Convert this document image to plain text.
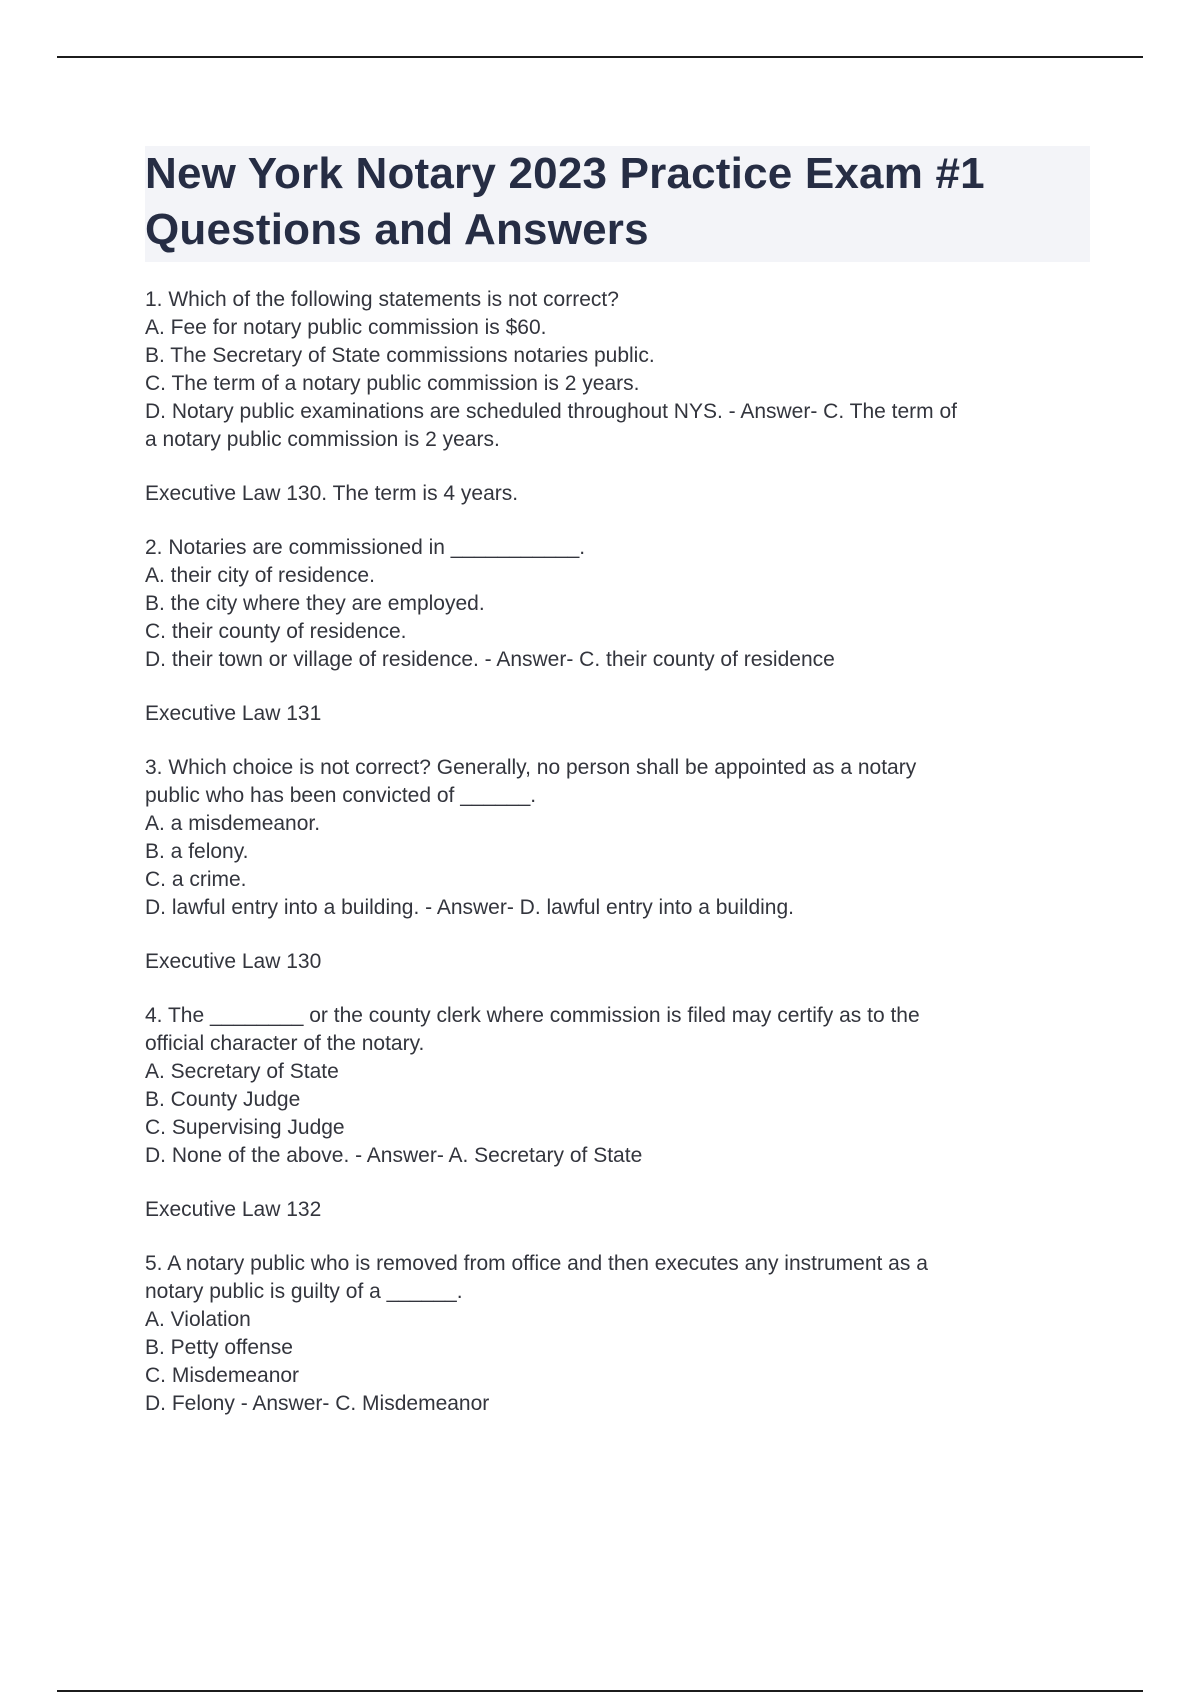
New York Notary 2023 Practice Exam #1
Questions and Answers
1. Which of the following statements is not correct?
A. Fee for notary public commission is $60.
B. The Secretary of State commissions notaries public.
C. The term of a notary public commission is 2 years.
D. Notary public examinations are scheduled throughout NYS. - Answer- C. The term of
a notary public commission is 2 years.
Executive Law 130. The term is 4 years.
2. Notaries are commissioned in ___________.
A. their city of residence.
B. the city where they are employed.
C. their county of residence.
D. their town or village of residence. - Answer- C. their county of residence
Executive Law 131
3. Which choice is not correct? Generally, no person shall be appointed as a notary
public who has been convicted of ______.
A. a misdemeanor.
B. a felony.
C. a crime.
D. lawful entry into a building. - Answer- D. lawful entry into a building.
Executive Law 130
4. The ________ or the county clerk where commission is filed may certify as to the
official character of the notary.
A. Secretary of State
B. County Judge
C. Supervising Judge
D. None of the above. - Answer- A. Secretary of State
Executive Law 132
5. A notary public who is removed from office and then executes any instrument as a
notary public is guilty of a ______.
A. Violation
B. Petty offense
C. Misdemeanor
D. Felony - Answer- C. Misdemeanor
